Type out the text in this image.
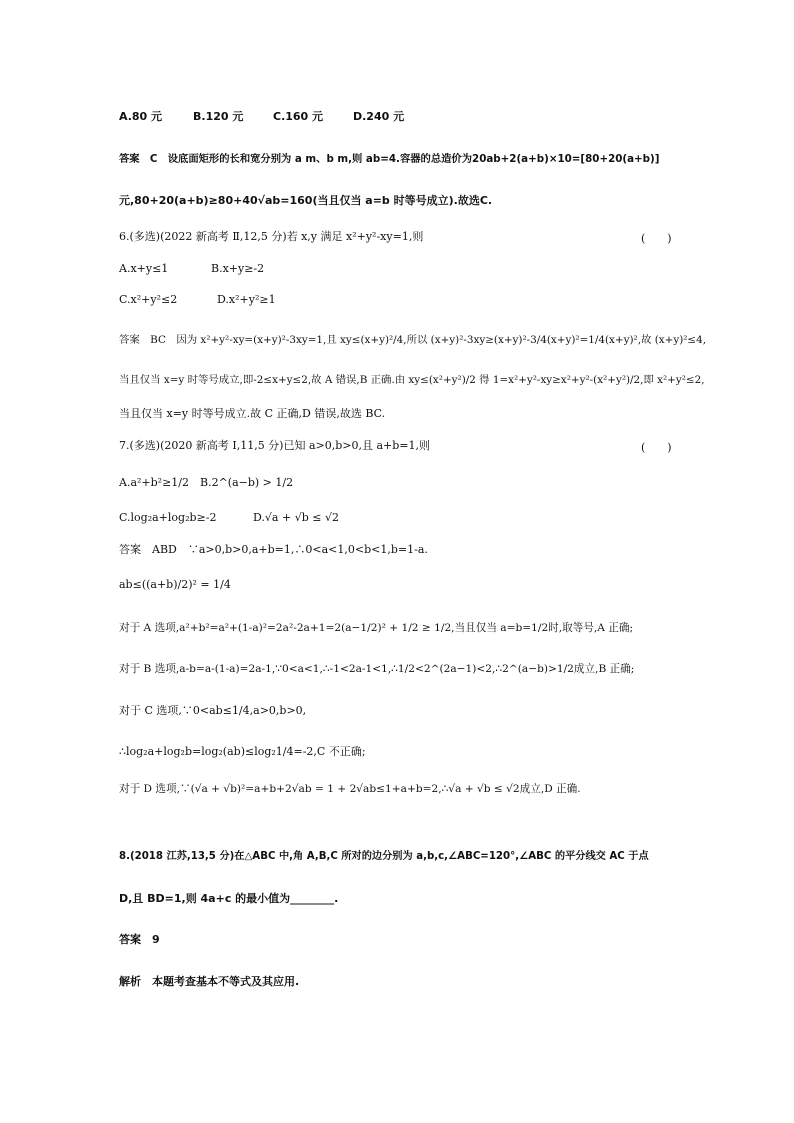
A.80 元	B.120 元	C.160 元	D.240 元
答案　C　设底面矩形的长和宽分别为 a m、b m,则 ab=4.容器的总造价为20ab+2(a+b)×10=[80+20(a+b)]
元,80+20(a+b)≥80+40√ab=160(当且仅当 a=b 时等号成立).故选C.
6.(多选)(2022 新高考 Ⅱ,12,5 分)若 x,y 满足 x²+y²-xy=1,则	(　　)
A.x+y≤1	B.x+y≥-2
C.x²+y²≤2	D.x²+y²≥1
答案　BC　因为 x²+y²-xy=(x+y)²-3xy=1,且 xy≤(x+y)²/4,所以 (x+y)²-3xy≥(x+y)²-3/4(x+y)²=1/4(x+y)²,故 (x+y)²≤4,
当且仅当 x=y 时等号成立,即-2≤x+y≤2,故 A 错误,B 正确.由 xy≤(x²+y²)/2 得 1=x²+y²-xy≥x²+y²-(x²+y²)/2,即 x²+y²≤2,
当且仅当 x=y 时等号成立.故 C 正确,D 错误,故选 BC.
7.(多选)(2020 新高考 Ⅰ,11,5 分)已知 a>0,b>0,且 a+b=1,则	(　　)
A.a²+b²≥1/2　B.2^(a−b) > 1/2
C.log₂a+log₂b≥-2	D.√a + √b ≤ √2
答案　ABD　∵a>0,b>0,a+b=1,∴0<a<1,0<b<1,b=1-a.
ab≤((a+b)/2)² = 1/4
对于 A 选项,a²+b²=a²+(1-a)²=2a²-2a+1=2(a−1/2)² + 1/2 ≥ 1/2,当且仅当 a=b=1/2时,取等号,A 正确;
对于 B 选项,a-b=a-(1-a)=2a-1,∵0<a<1,∴-1<2a-1<1,∴1/2<2^(2a−1)<2,∴2^(a−b)>1/2成立,B 正确;
对于 C 选项,∵0<ab≤1/4,a>0,b>0,
∴log₂a+log₂b=log₂(ab)≤log₂1/4=-2,C 不正确;
对于 D 选项,∵(√a + √b)²=a+b+2√ab = 1 + 2√ab≤1+a+b=2,∴√a + √b ≤ √2成立,D 正确.
8.(2018 江苏,13,5 分)在△ABC 中,角 A,B,C 所对的边分别为 a,b,c,∠ABC=120°,∠ABC 的平分线交 AC 于点
D,且 BD=1,则 4a+c 的最小值为________.
答案　9
解析　本题考查基本不等式及其应用.
